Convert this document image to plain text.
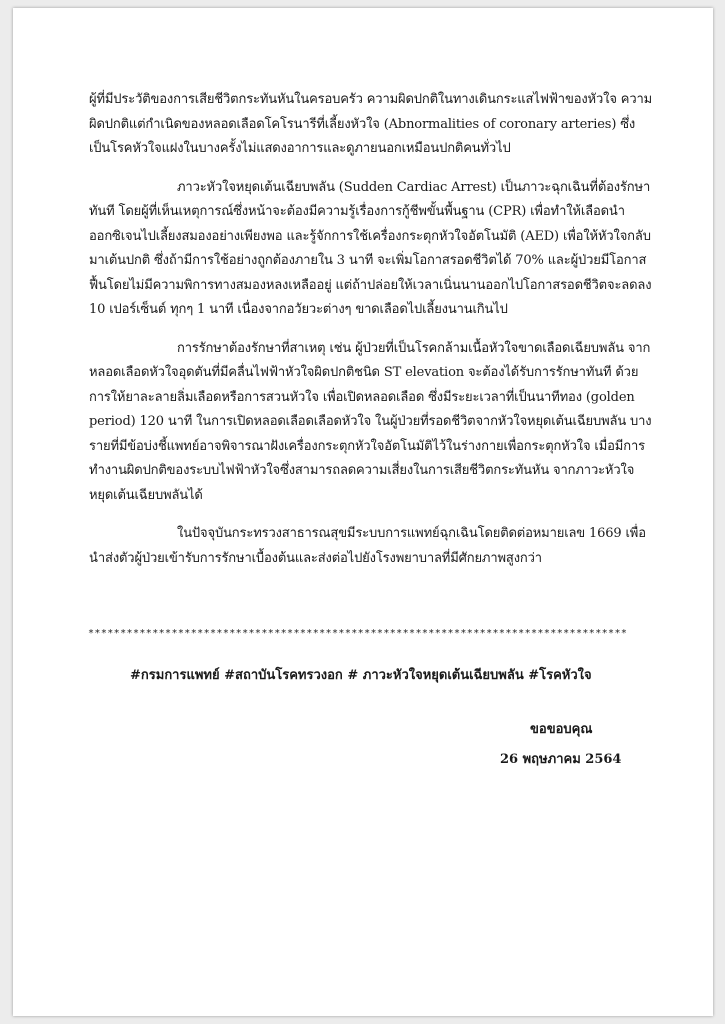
ผู้ที่มีประวัติของการเสียชีวิตกระทันหันในครอบครัว ความผิดปกติในทางเดินกระแสไฟฟ้าของหัวใจ ความผิดปกติแต่กำเนิดของหลอดเลือดโคโรนารีที่เลี้ยงหัวใจ (Abnormalities of coronary arteries) ซึ่งเป็นโรคหัวใจแฝงในบางครั้งไม่แสดงอาการและดูภายนอกเหมือนปกติคนทั่วไป

ภาวะหัวใจหยุดเต้นเฉียบพลัน (Sudden Cardiac Arrest) เป็นภาวะฉุกเฉินที่ต้องรักษาทันที โดยผู้ที่เห็นเหตุการณ์ซึ่งหน้าจะต้องมีความรู้เรื่องการกู้ชีพขั้นพื้นฐาน (CPR) เพื่อทำให้เลือดนำออกซิเจนไปเลี้ยงสมองอย่างเพียงพอ และรู้จักการใช้เครื่องกระตุกหัวใจอัตโนมัติ (AED) เพื่อให้หัวใจกลับมาเต้นปกติ ซึ่งถ้ามีการใช้อย่างถูกต้องภายใน 3 นาที จะเพิ่มโอกาสรอดชีวิตได้ 70% และผู้ป่วยมีโอกาสฟื้นโดยไม่มีความพิการทางสมองหลงเหลืออยู่ แต่ถ้าปล่อยให้เวลาเนิ่นนานออกไปโอกาสรอดชีวิตจะลดลง 10 เปอร์เซ็นต์ ทุกๆ 1 นาที เนื่องจากอวัยวะต่างๆ ขาดเลือดไปเลี้ยงนานเกินไป

การรักษาต้องรักษาที่สาเหตุ เช่น ผู้ป่วยที่เป็นโรคกล้ามเนื้อหัวใจขาดเลือดเฉียบพลัน จากหลอดเลือดหัวใจอุดตันที่มีคลื่นไฟฟ้าหัวใจผิดปกติชนิด ST elevation จะต้องได้รับการรักษาทันที ด้วยการให้ยาละลายลิ่มเลือดหรือการสวนหัวใจ เพื่อเปิดหลอดเลือด ซึ่งมีระยะเวลาที่เป็นนาทีทอง (golden period) 120 นาที ในการเปิดหลอดเลือดเลือดหัวใจ ในผู้ป่วยที่รอดชีวิตจากหัวใจหยุดเต้นเฉียบพลัน บางรายที่มีข้อบ่งชี้แพทย์อาจพิจารณาฝังเครื่องกระตุกหัวใจอัตโนมัติไว้ในร่างกายเพื่อกระตุกหัวใจ เมื่อมีการทำงานผิดปกติของระบบไฟฟ้าหัวใจซึ่งสามารถลดความเสี่ยงในการเสียชีวิตกระทันหัน จากภาวะหัวใจหยุดเต้นเฉียบพลันได้

ในปัจจุบันกระทรวงสาธารณสุขมีระบบการแพทย์ฉุกเฉินโดยติดต่อหมายเลข 1669 เพื่อนำส่งตัวผู้ป่วยเข้ารับการรักษาเบื้องต้นและส่งต่อไปยังโรงพยาบาลที่มีศักยภาพสูงกว่า

************************************************************************************
#กรมการแพทย์ #สถาบันโรคทรวงอก # ภาวะหัวใจหยุดเต้นเฉียบพลัน #โรคหัวใจ
ขอขอบคุณ
26 พฤษภาคม 2564
